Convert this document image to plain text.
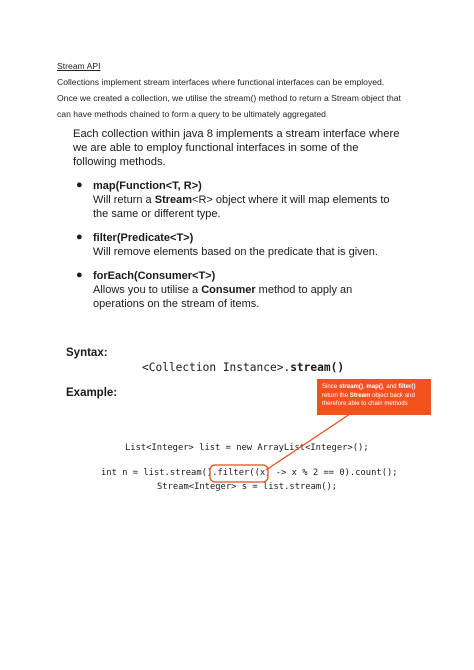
Stream API
Collections implement stream interfaces where functional interfaces can be employed.
Once we created a collection, we utilise the stream() method to return a Stream object that
can have methods chained to form a query to be ultimately aggregated
Each collection within java 8 implements a stream interface where
we are able to employ functional interfaces in some of the
following methods.
● map(Function<T, R>)
Will return a Stream<R> object where it will map elements to
the same or different type.
● filter(Predicate<T>)
Will remove elements based on the predicate that is given.
● forEach(Consumer<T>)
Allows you to utilise a Consumer method to apply an
operations on the stream of items.
Syntax:
<Collection Instance>.stream()
Example:
List<Integer> list = new ArrayList<Integer>();
int n = list.stream().filter((x) -> x % 2 == 0).count();
Stream<Integer> s = list.stream();
Since stream(), map(), and filter() return the Stream object back and therefore able to chain methods
